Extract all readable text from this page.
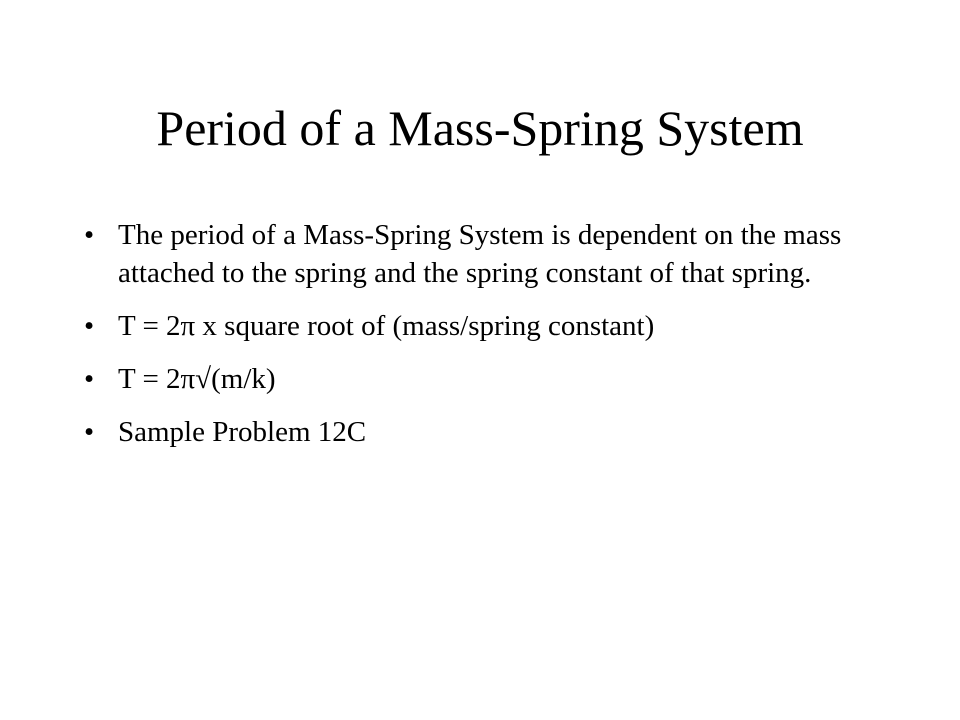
Period of a Mass-Spring System
• The period of a Mass-Spring System is dependent on the mass attached to the spring and the spring constant of that spring.
• T = 2π x square root of (mass/spring constant)
• T = 2π√(m/k)
• Sample Problem 12C
